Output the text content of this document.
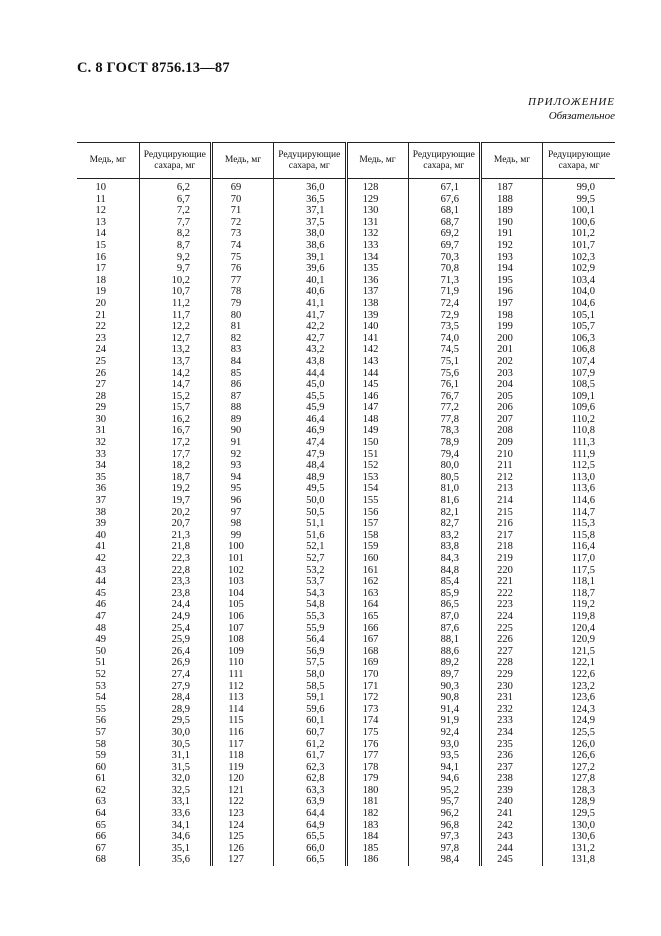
С. 8 ГОСТ 8756.13—87
ПРИЛОЖЕНИЕ
Обязательное
Медь, мг	Редуцирующие сахара, мг	Медь, мг	Редуцирующие сахара, мг	Медь, мг	Редуцирующие сахара, мг	Медь, мг	Редуцирующие сахара, мг
10	6,2	69	36,0	128	67,1	187	99,0
11	6,7	70	36,5	129	67,6	188	99,5
12	7,2	71	37,1	130	68,1	189	100,1
13	7,7	72	37,5	131	68,7	190	100,6
14	8,2	73	38,0	132	69,2	191	101,2
15	8,7	74	38,6	133	69,7	192	101,7
16	9,2	75	39,1	134	70,3	193	102,3
17	9,7	76	39,6	135	70,8	194	102,9
18	10,2	77	40,1	136	71,3	195	103,4
19	10,7	78	40,6	137	71,9	196	104,0
20	11,2	79	41,1	138	72,4	197	104,6
21	11,7	80	41,7	139	72,9	198	105,1
22	12,2	81	42,2	140	73,5	199	105,7
23	12,7	82	42,7	141	74,0	200	106,3
24	13,2	83	43,2	142	74,5	201	106,8
25	13,7	84	43,8	143	75,1	202	107,4
26	14,2	85	44,4	144	75,6	203	107,9
27	14,7	86	45,0	145	76,1	204	108,5
28	15,2	87	45,5	146	76,7	205	109,1
29	15,7	88	45,9	147	77,2	206	109,6
30	16,2	89	46,4	148	77,8	207	110,2
31	16,7	90	46,9	149	78,3	208	110,8
32	17,2	91	47,4	150	78,9	209	111,3
33	17,7	92	47,9	151	79,4	210	111,9
34	18,2	93	48,4	152	80,0	211	112,5
35	18,7	94	48,9	153	80,5	212	113,0
36	19,2	95	49,5	154	81,0	213	113,6
37	19,7	96	50,0	155	81,6	214	114,6
38	20,2	97	50,5	156	82,1	215	114,7
39	20,7	98	51,1	157	82,7	216	115,3
40	21,3	99	51,6	158	83,2	217	115,8
41	21,8	100	52,1	159	83,8	218	116,4
42	22,3	101	52,7	160	84,3	219	117,0
43	22,8	102	53,2	161	84,8	220	117,5
44	23,3	103	53,7	162	85,4	221	118,1
45	23,8	104	54,3	163	85,9	222	118,7
46	24,4	105	54,8	164	86,5	223	119,2
47	24,9	106	55,3	165	87,0	224	119,8
48	25,4	107	55,9	166	87,6	225	120,4
49	25,9	108	56,4	167	88,1	226	120,9
50	26,4	109	56,9	168	88,6	227	121,5
51	26,9	110	57,5	169	89,2	228	122,1
52	27,4	111	58,0	170	89,7	229	122,6
53	27,9	112	58,5	171	90,3	230	123,2
54	28,4	113	59,1	172	90,8	231	123,6
55	28,9	114	59,6	173	91,4	232	124,3
56	29,5	115	60,1	174	91,9	233	124,9
57	30,0	116	60,7	175	92,4	234	125,5
58	30,5	117	61,2	176	93,0	235	126,0
59	31,1	118	61,7	177	93,5	236	126,6
60	31,5	119	62,3	178	94,1	237	127,2
61	32,0	120	62,8	179	94,6	238	127,8
62	32,5	121	63,3	180	95,2	239	128,3
63	33,1	122	63,9	181	95,7	240	128,9
64	33,6	123	64,4	182	96,2	241	129,5
65	34,1	124	64,9	183	96,8	242	130,0
66	34,6	125	65,5	184	97,3	243	130,6
67	35,1	126	66,0	185	97,8	244	131,2
68	35,6	127	66,5	186	98,4	245	131,8
